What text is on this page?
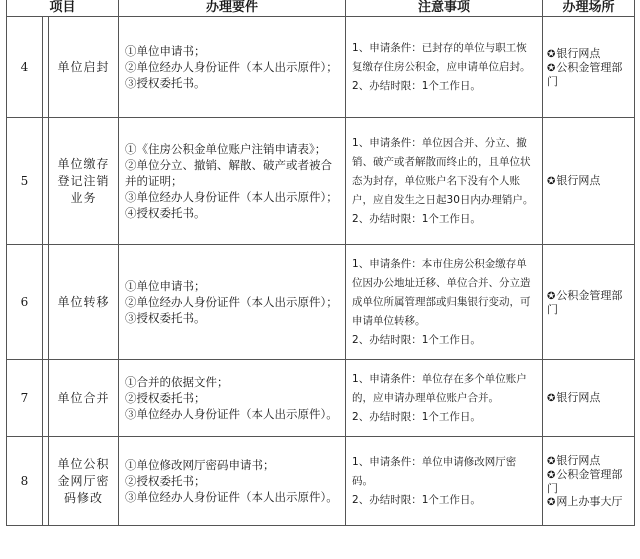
项目			办理要件	注意事项	办理场所
4		单位启封	①单位申请书；
②单位经办人身份证件（本人出示原件）；
③授权委托书。	1、申请条件：已封存的单位与职工恢复缴存住房公积金，应申请单位启封。
2、办结时限：1个工作日。	✪银行网点
✪公积金管理部门

5		单位缴存登记注销业务	①《住房公积金单位账户注销申请表》；
②单位分立、撤销、解散、破产或者被合并的证明；
③单位经办人身份证件（本人出示原件）；
④授权委托书。	1、申请条件：单位因合并、分立、撤销、破产或者解散而终止的，且单位状态为封存，单位账户名下没有个人账户，应自发生之日起30日内办理销户。
2、办结时限：1个工作日。	✪银行网点

6		单位转移	①单位申请书；
②单位经办人身份证件（本人出示原件）；
③授权委托书。	1、申请条件：本市住房公积金缴存单位因办公地址迁移、单位合并、分立造成单位所属管理部或归集银行变动，可申请单位转移。
2、办结时限：1个工作日。	✪公积金管理部门

7		单位合并	①合并的依据文件；
②授权委托书；
③单位经办人身份证件（本人出示原件）。	1、申请条件：单位存在多个单位账户的，应申请办理单位账户合并。
2、办结时限：1个工作日。	✪银行网点

8		单位公积金网厅密码修改	①单位修改网厅密码申请书；
②授权委托书；
③单位经办人身份证件（本人出示原件）。	1、申请条件：单位申请修改网厅密码。
2、办结时限：1个工作日。	✪银行网点
✪公积金管理部门
✪网上办事大厅
